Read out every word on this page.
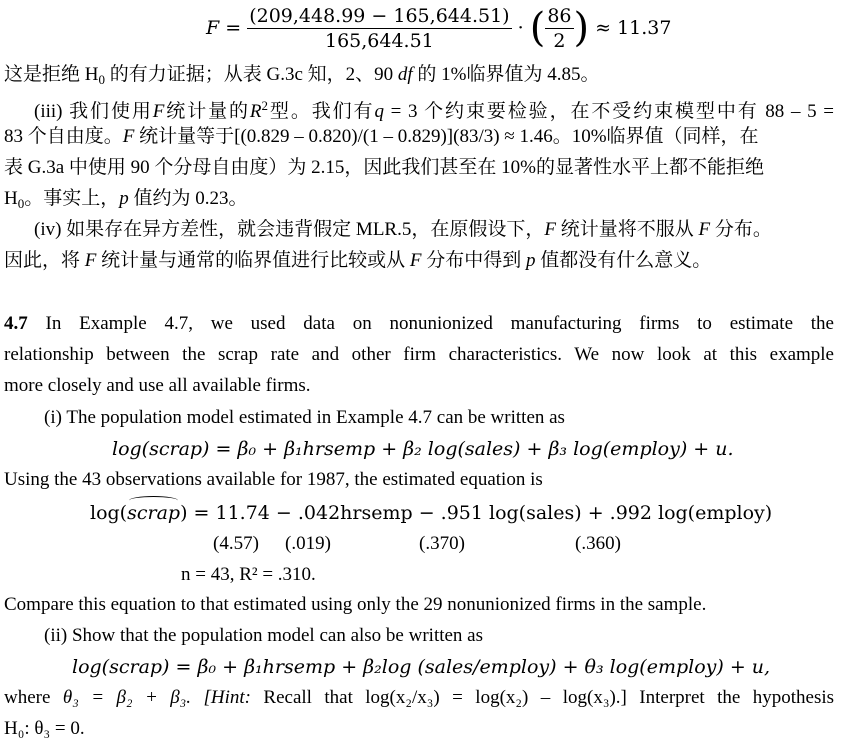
$F = \frac{(209,448.99 - 165,644.51)}{165,644.51}$ · ( $\frac{86}{2}$ ) ≈ 11.37
这是拒绝 $H_0$ 的有力证据；从表 G.3c 知，2、90 df 的 1%临界值为 4.85。
(iii) 我们使用F统计量的$R^2$型。我们有q = 3 个约束要检验，在不受约束模型中有 88 – 5 =
83 个自由度。F 统计量等于[(0.829 – 0.820)/(1 – 0.829)](83/3) ≈ 1.46。10%临界值（同样，在
表 G.3a 中使用 90 个分母自由度）为 2.15，因此我们甚至在 10%的显著性水平上都不能拒绝
$H_0$。事实上，p 值约为 0.23。
(iv) 如果存在异方差性，就会违背假定 MLR.5，在原假设下，F 统计量将不服从 F 分布。
因此，将 F 统计量与通常的临界值进行比较或从 F 分布中得到 p 值都没有什么意义。
4.7 In Example 4.7, we used data on nonunionized manufacturing firms to estimate the
relationship between the scrap rate and other firm characteristics. We now look at this example
more closely and use all available firms.
(i) The population model estimated in Example 4.7 can be written as
log(scrap) = β₀ + β₁hrsemp + β₂ log(sales) + β₃ log(employ) + u.
Using the 43 observations available for 1987, the estimated equation is
log(scrap) = 11.74 − .042hrsemp − .951 log(sales) + .992 log(employ)
(4.57) (.019)	(.370)	(.360)
n = 43, R² = .310.
Compare this equation to that estimated using only the 29 nonunionized firms in the sample.
(ii) Show that the population model can also be written as
log(scrap) = β₀ + β₁hrsemp + β₂log (sales/employ) + θ₃ log(employ) + u,
where θ₃ = β₂ + β₃. [Hint: Recall that log(x₂/x₃) = log(x₂) – log(x₃).] Interpret the hypothesis
H₀: θ₃ = 0.
